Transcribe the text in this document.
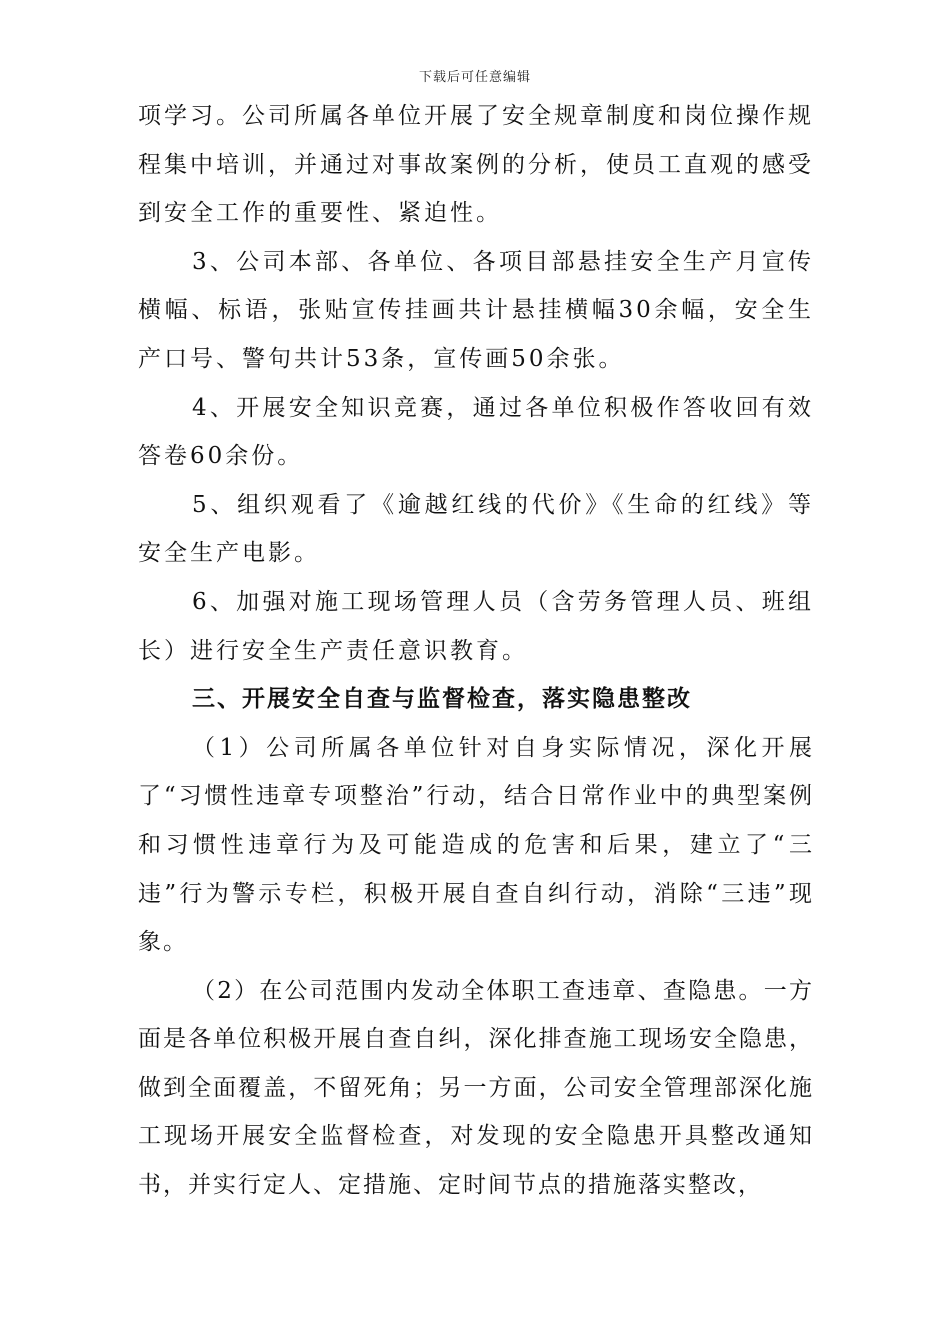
下载后可任意编辑

项学习。公司所属各单位开展了安全规章制度和岗位操作规程集中培训，并通过对事故案例的分析，使员工直观的感受到安全工作的重要性、紧迫性。

3、公司本部、各单位、各项目部悬挂安全生产月宣传横幅、标语，张贴宣传挂画共计悬挂横幅30余幅，安全生产口号、警句共计53条，宣传画50余张。

4、开展安全知识竞赛，通过各单位积极作答收回有效答卷60余份。

5、组织观看了《逾越红线的代价》《生命的红线》等安全生产电影。

6、加强对施工现场管理人员（含劳务管理人员、班组长）进行安全生产责任意识教育。

三、开展安全自查与监督检查，落实隐患整改

（1）公司所属各单位针对自身实际情况，深化开展了“习惯性违章专项整治”行动，结合日常作业中的典型案例和习惯性违章行为及可能造成的危害和后果，建立了“三违”行为警示专栏，积极开展自查自纠行动，消除“三违”现象。

（2）在公司范围内发动全体职工查违章、查隐患。一方面是各单位积极开展自查自纠，深化排查施工现场安全隐患，做到全面覆盖，不留死角；另一方面，公司安全管理部深化施工现场开展安全监督检查，对发现的安全隐患开具整改通知书，并实行定人、定措施、定时间节点的措施落实整改，
